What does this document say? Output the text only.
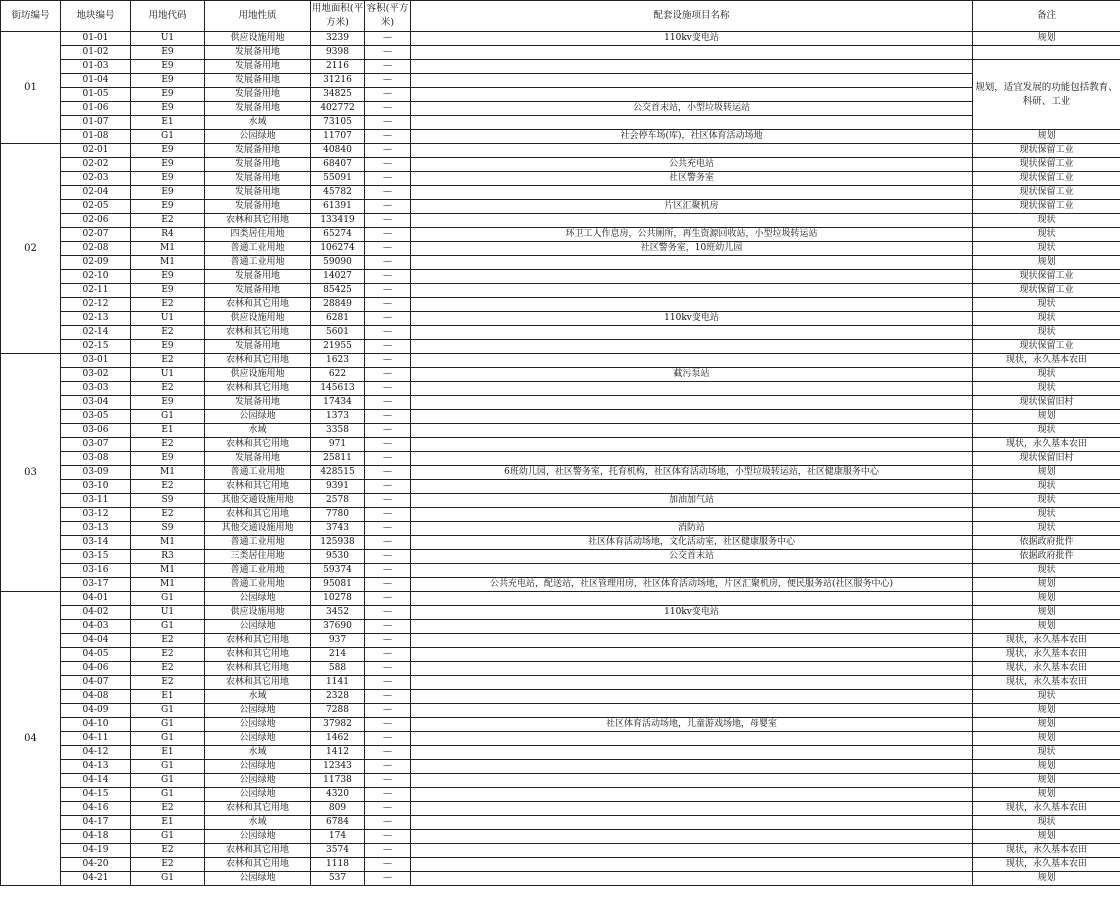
街坊编号	地块编号	用地代码	用地性质	用地面积(平方米)	容积(平方米)	配套设施项目名称	备注	
01	01-01	U1	供应设施用地	3239	—	110kv变电站	规划	
	01-02	E9	发展备用地	9398	—			
	01-03	E9	发展备用地	2116	—		规划，适宜发展的功能包括教育、科研、工业	
	01-04	E9	发展备用地	31216	—			
	01-05	E9	发展备用地	34825	—			
	01-06	E9	发展备用地	402772	—	公交首末站，小型垃圾转运站		
	01-07	E1	水域	73105	—		
	01-08	G1	公园绿地	11707	—	社会停车场(库)，社区体育活动场地	规划	
02	02-01	E9	发展备用地	40840	—		现状保留工业	
	02-02	E9	发展备用地	68407	—	公共充电站	现状保留工业	
	02-03	E9	发展备用地	55091	—	社区警务室	现状保留工业	
	02-04	E9	发展备用地	45782	—		现状保留工业	
	02-05	E9	发展备用地	61391	—	片区汇聚机房	现状保留工业	
	02-06	E2	农林和其它用地	133419	—		现状	
	02-07	R4	四类居住用地	65274	—	环卫工人作息房，公共厕所，再生资源回收站，小型垃圾转运站	现状	
	02-08	M1	普通工业用地	106274	—	社区警务室，10班幼儿园	现状	
	02-09	M1	普通工业用地	59090	—		规划	
	02-10	E9	发展备用地	14027	—		现状保留工业	
	02-11	E9	发展备用地	85425	—		现状保留工业	
	02-12	E2	农林和其它用地	28849	—		现状	
	02-13	U1	供应设施用地	6281	—	110kv变电站	现状	
	02-14	E2	农林和其它用地	5601	—		现状	
	02-15	E9	发展备用地	21955	—		现状保留工业	
03	03-01	E2	农林和其它用地	1623	—		现状，永久基本农田	
	03-02	U1	供应设施用地	622	—	截污泵站	现状	
	03-03	E2	农林和其它用地	145613	—		现状	
	03-04	E9	发展备用地	17434	—		现状保留旧村	
	03-05	G1	公园绿地	1373	—		规划	
	03-06	E1	水域	3358	—		现状	
	03-07	E2	农林和其它用地	971	—		现状，永久基本农田	
	03-08	E9	发展备用地	25811	—		现状保留旧村	
	03-09	M1	普通工业用地	428515	—	6班幼儿园，社区警务室，托育机构，社区体育活动场地，小型垃圾转运站，社区健康服务中心	规划	
	03-10	E2	农林和其它用地	9391	—		现状	
	03-11	S9	其他交通设施用地	2578	—	加油加气站	现状	
	03-12	E2	农林和其它用地	7780	—		现状	
	03-13	S9	其他交通设施用地	3743	—	消防站	现状	
	03-14	M1	普通工业用地	125938	—	社区体育活动场地，文化活动室，社区健康服务中心	依据政府批件	
	03-15	R3	三类居住用地	9530	—	公交首末站	依据政府批件	
	03-16	M1	普通工业用地	59374	—		现状	
	03-17	M1	普通工业用地	95081	—	公共充电站，配送站，社区管理用房，社区体育活动场地，片区汇聚机房，便民服务站(社区服务中心)	规划	
04	04-01	G1	公园绿地	10278	—		规划	
	04-02	U1	供应设施用地	3452	—	110kv变电站	规划	
	04-03	G1	公园绿地	37690	—		规划	
	04-04	E2	农林和其它用地	937	—		现状，永久基本农田	
	04-05	E2	农林和其它用地	214	—		现状，永久基本农田	
	04-06	E2	农林和其它用地	588	—		现状，永久基本农田	
	04-07	E2	农林和其它用地	1141	—		现状，永久基本农田	
	04-08	E1	水域	2328	—		现状	
	04-09	G1	公园绿地	7288	—		规划	
	04-10	G1	公园绿地	37982	—	社区体育活动场地，儿童游戏场地，母婴室	规划	
	04-11	G1	公园绿地	1462	—		规划	
	04-12	E1	水域	1412	—		现状	
	04-13	G1	公园绿地	12343	—		规划	
	04-14	G1	公园绿地	11738	—		规划	
	04-15	G1	公园绿地	4320	—		规划	
	04-16	E2	农林和其它用地	809	—		现状，永久基本农田	
	04-17	E1	水域	6784	—		现状	
	04-18	G1	公园绿地	174	—		规划	
	04-19	E2	农林和其它用地	3574	—		现状，永久基本农田	
	04-20	E2	农林和其它用地	1118	—		现状，永久基本农田	
	04-21	G1	公园绿地	537	—		规划	
